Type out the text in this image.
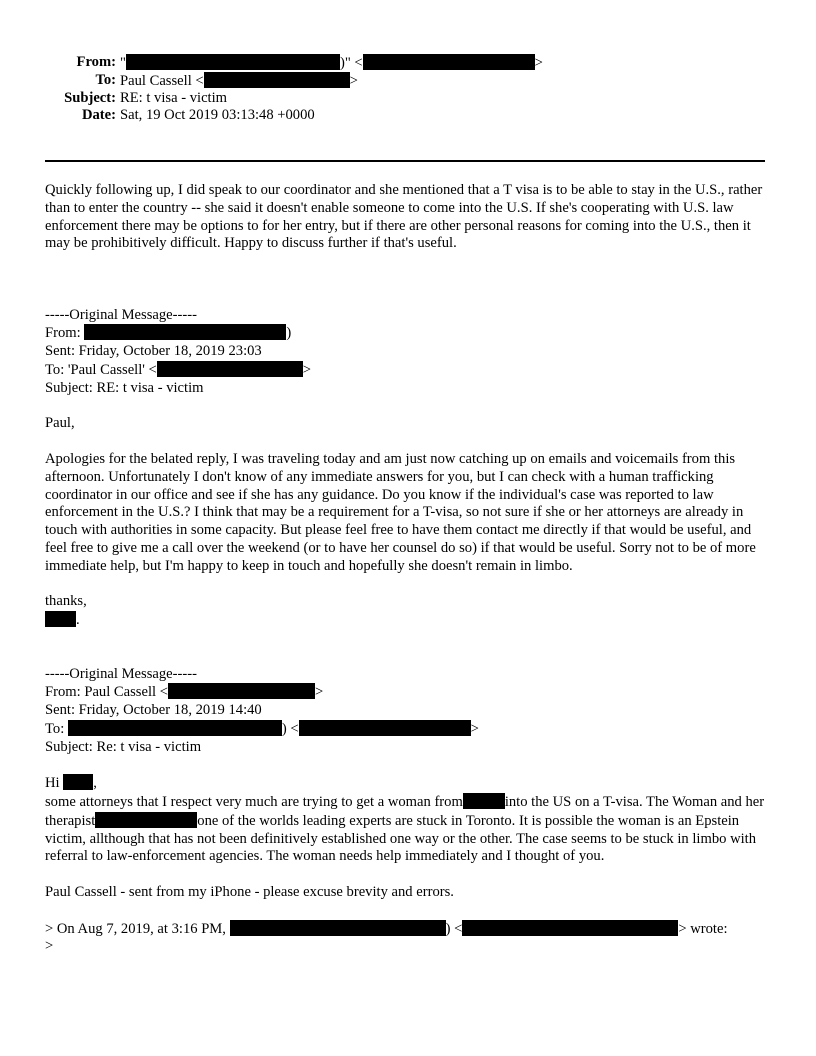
From: "	)" <	>
To: Paul Cassell <	>
Subject: RE: t visa - victim
Date: Sat, 19 Oct 2019 03:13:48 +0000

Quickly following up, I did speak to our coordinator and she mentioned that a T visa is to be able to stay in the U.S., rather than to enter the country -- she said it doesn't enable someone to come into the U.S. If she's cooperating with U.S. law enforcement there may be options to for her entry, but if there are other personal reasons for coming into the U.S., then it may be prohibitively difficult. Happy to discuss further if that's useful.

-----Original Message-----

From:	)

Sent: Friday, October 18, 2019 23:03

To: 'Paul Cassell' <	>

Subject: RE: t visa - victim

Paul,

Apologies for the belated reply, I was traveling today and am just now catching up on emails and voicemails from this afternoon. Unfortunately I don't know of any immediate answers for you, but I can check with a human trafficking coordinator in our office and see if she has any guidance. Do you know if the individual's case was reported to law enforcement in the U.S.? I think that may be a requirement for a T-visa, so not sure if she or her attorneys are already in touch with authorities in some capacity. But please feel free to have them contact me directly if that would be useful, and feel free to give me a call over the weekend (or to have her counsel do so) if that would be useful. Sorry not to be of more immediate help, but I'm happy to keep in touch and hopefully she doesn't remain in limbo.

thanks,

.

-----Original Message-----

From: Paul Cassell <	>

Sent: Friday, October 18, 2019 14:40

To:	) <	>

Subject: Re: t visa - victim

Hi ,

some attorneys that I respect very much are trying to get a woman from	into the US on a T-visa. The Woman and her therapist	one of the worlds leading experts are stuck in Toronto. It is possible the woman is an Epstein victim, allthough that has not been definitively established one way or the other. The case seems to be stuck in limbo with referral to law-enforcement agencies. The woman needs help immediately and I thought of you.

Paul Cassell - sent from my iPhone - please excuse brevity and errors.

> On Aug 7, 2019, at 3:16 PM,	) <	> wrote:

>
